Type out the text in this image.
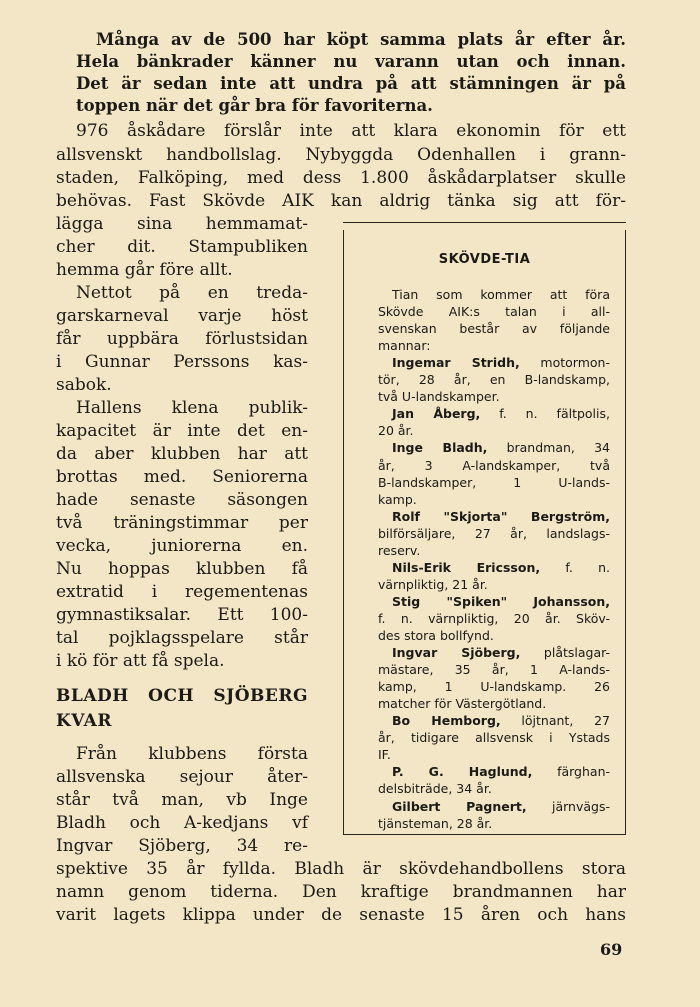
Många av de 500 har köpt samma plats år efter år.
Hela bänkrader känner nu varann utan och innan.
Det är sedan inte att undra på att stämningen är på
toppen när det går bra för favoriterna.
976 åskådare förslår inte att klara ekonomin för ett
allsvenskt handbollslag. Nybyggda Odenhallen i grann-
staden, Falköping, med dess 1.800 åskådarplatser skulle
behövas. Fast Skövde AIK kan aldrig tänka sig att för-
lägga sina hemmamat-
cher dit. Stampubliken
hemma går före allt.
Nettot på en treda-
garskarneval varje höst
får uppbära förlustsidan
i Gunnar Perssons kas-
sabok.
Hallens klena publik-
kapacitet är inte det en-
da aber klubben har att
brottas med. Seniorerna
hade senaste säsongen
två träningstimmar per
vecka, juniorerna en.
Nu hoppas klubben få
extratid i regementenas
gymnastiksalar. Ett 100-
tal pojklagsspelare står
i kö för att få spela.
BLADH OCH SJÖBERG
KVAR
Från klubbens första
allsvenska sejour åter-
står två man, vb Inge
Bladh och A-kedjans vf
Ingvar Sjöberg, 34 re-
spektive 35 år fyllda. Bladh är skövdehandbollens stora
namn genom tiderna. Den kraftige brandmannen har
varit lagets klippa under de senaste 15 åren och hans
SKÖVDE-TIA
Tian som kommer att föra
Skövde AIK:s talan i all-
svenskan består av följande
mannar:
Ingemar Stridh, motormon-
tör, 28 år, en B-landskamp,
två U-landskamper.
Jan Åberg, f. n. fältpolis,
20 år.
Inge Bladh, brandman, 34
år, 3 A-landskamper, två
B-landskamper, 1 U-lands-
kamp.
Rolf "Skjorta" Bergström,
bilförsäljare, 27 år, landslags-
reserv.
Nils-Erik Ericsson, f. n.
värnpliktig, 21 år.
Stig "Spiken" Johansson,
f. n. värnpliktig, 20 år. Sköv-
des stora bollfynd.
Ingvar Sjöberg, plåtslagar-
mästare, 35 år, 1 A-lands-
kamp, 1 U-landskamp. 26
matcher för Västergötland.
Bo Hemborg, löjtnant, 27
år, tidigare allsvensk i Ystads
IF.
P. G. Haglund, färghan-
delsbiträde, 34 år.
Gilbert Pagnert, järnvägs-
tjänsteman, 28 år.
69
